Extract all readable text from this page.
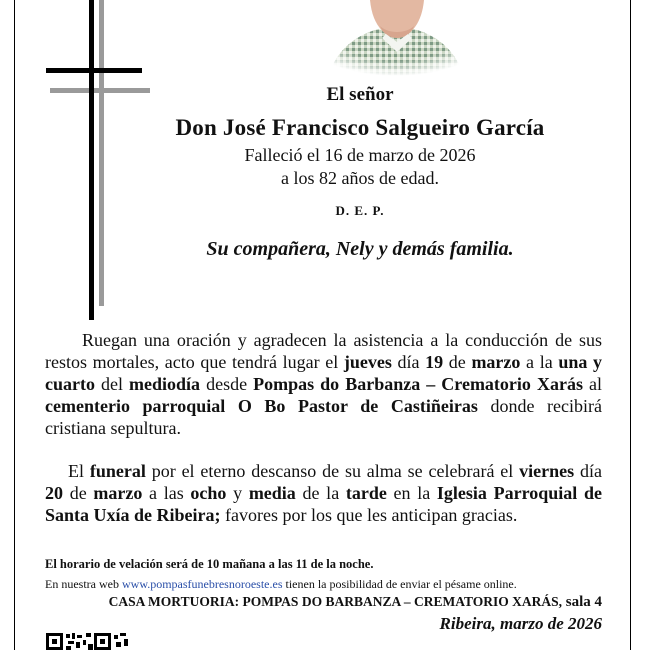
El señor
Don José Francisco Salgueiro García
Falleció el 16 de marzo de 2026
a los 82 años de edad.
D. E. P.
Su compañera, Nely y demás familia.

Ruegan una oración y agradecen la asistencia a la conducción de sus restos mortales, acto que tendrá lugar el jueves día 19 de marzo a la una y cuarto del mediodía desde Pompas do Barbanza – Crematorio Xarás al cementerio parroquial O Bo Pastor de Castiñeiras donde recibirá cristiana sepultura.

El funeral por el eterno descanso de su alma se celebrará el viernes día 20 de marzo a las ocho y media de la tarde en la Iglesia Parroquial de Santa Uxía de Ribeira; favores por los que les anticipan gracias.

El horario de velación será de 10 mañana a las 11 de la noche.
En nuestra web www.pompasfunebresnoroeste.es tienen la posibilidad de enviar el pésame online.
CASA MORTUORIA: POMPAS DO BARBANZA – CREMATORIO XARÁS, sala 4
Ribeira, marzo de 2026
